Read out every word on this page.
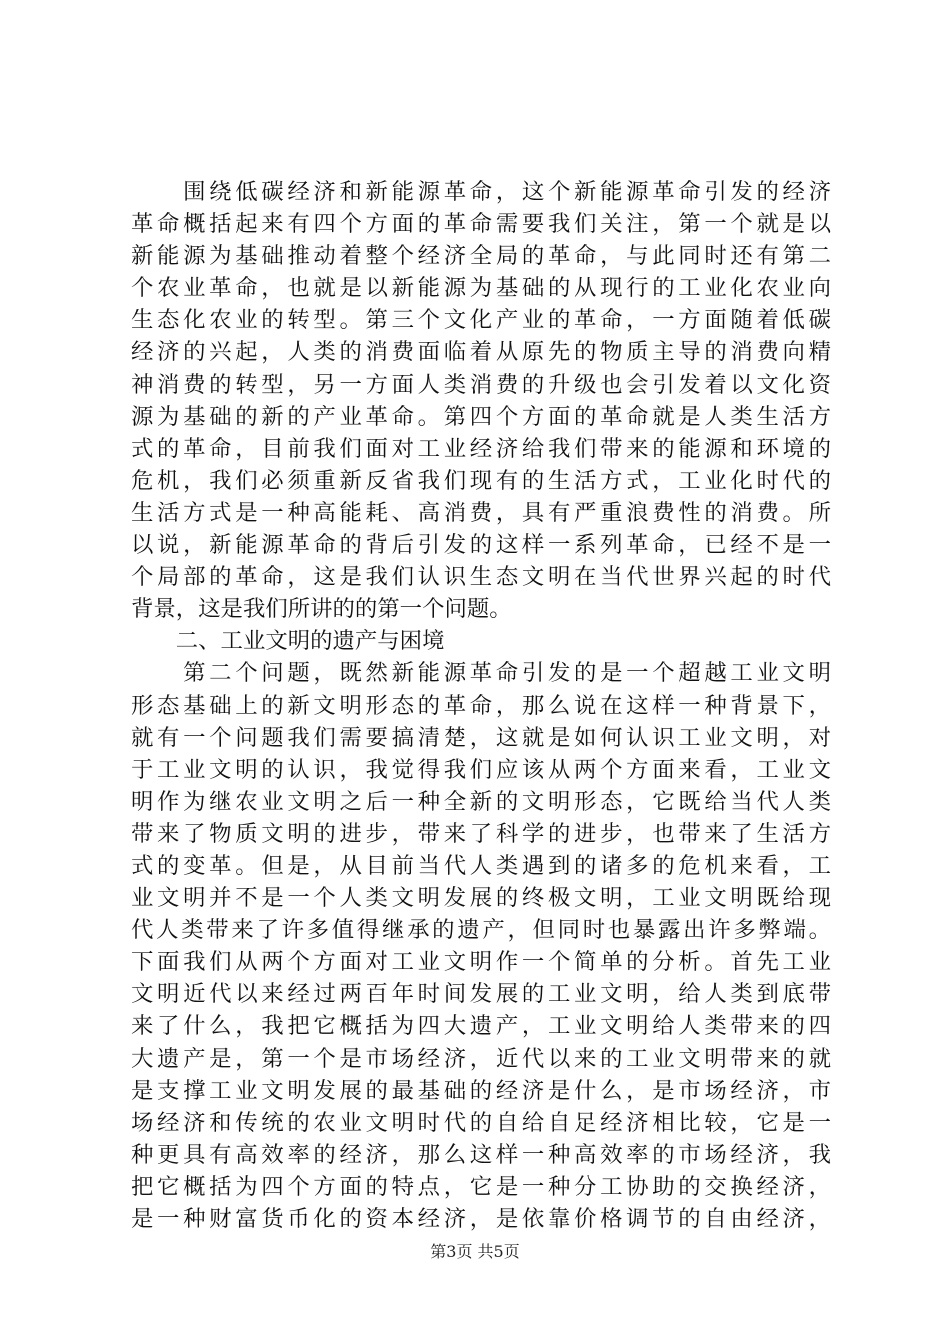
　　围绕低碳经济和新能源革命，这个新能源革命引发的经济
革命概括起来有四个方面的革命需要我们关注，第一个就是以
新能源为基础推动着整个经济全局的革命，与此同时还有第二
个农业革命，也就是以新能源为基础的从现行的工业化农业向
生态化农业的转型。第三个文化产业的革命，一方面随着低碳
经济的兴起，人类的消费面临着从原先的物质主导的消费向精
神消费的转型，另一方面人类消费的升级也会引发着以文化资
源为基础的新的产业革命。第四个方面的革命就是人类生活方
式的革命，目前我们面对工业经济给我们带来的能源和环境的
危机，我们必须重新反省我们现有的生活方式，工业化时代的
生活方式是一种高能耗、高消费，具有严重浪费性的消费。所
以说，新能源革命的背后引发的这样一系列革命，已经不是一
个局部的革命，这是我们认识生态文明在当代世界兴起的时代
背景，这是我们所讲的的第一个问题。
　　二、工业文明的遗产与困境
　　第二个问题，既然新能源革命引发的是一个超越工业文明
形态基础上的新文明形态的革命，那么说在这样一种背景下，
就有一个问题我们需要搞清楚，这就是如何认识工业文明，对
于工业文明的认识，我觉得我们应该从两个方面来看，工业文
明作为继农业文明之后一种全新的文明形态，它既给当代人类
带来了物质文明的进步，带来了科学的进步，也带来了生活方
式的变革。但是，从目前当代人类遇到的诸多的危机来看，工
业文明并不是一个人类文明发展的终极文明，工业文明既给现
代人类带来了许多值得继承的遗产，但同时也暴露出许多弊端。
下面我们从两个方面对工业文明作一个简单的分析。首先工业
文明近代以来经过两百年时间发展的工业文明，给人类到底带
来了什么，我把它概括为四大遗产，工业文明给人类带来的四
大遗产是，第一个是市场经济，近代以来的工业文明带来的就
是支撑工业文明发展的最基础的经济是什么，是市场经济，市
场经济和传统的农业文明时代的自给自足经济相比较，它是一
种更具有高效率的经济，那么这样一种高效率的市场经济，我
把它概括为四个方面的特点，它是一种分工协助的交换经济，
是一种财富货币化的资本经济，是依靠价格调节的自由经济，
第3页 共5页
